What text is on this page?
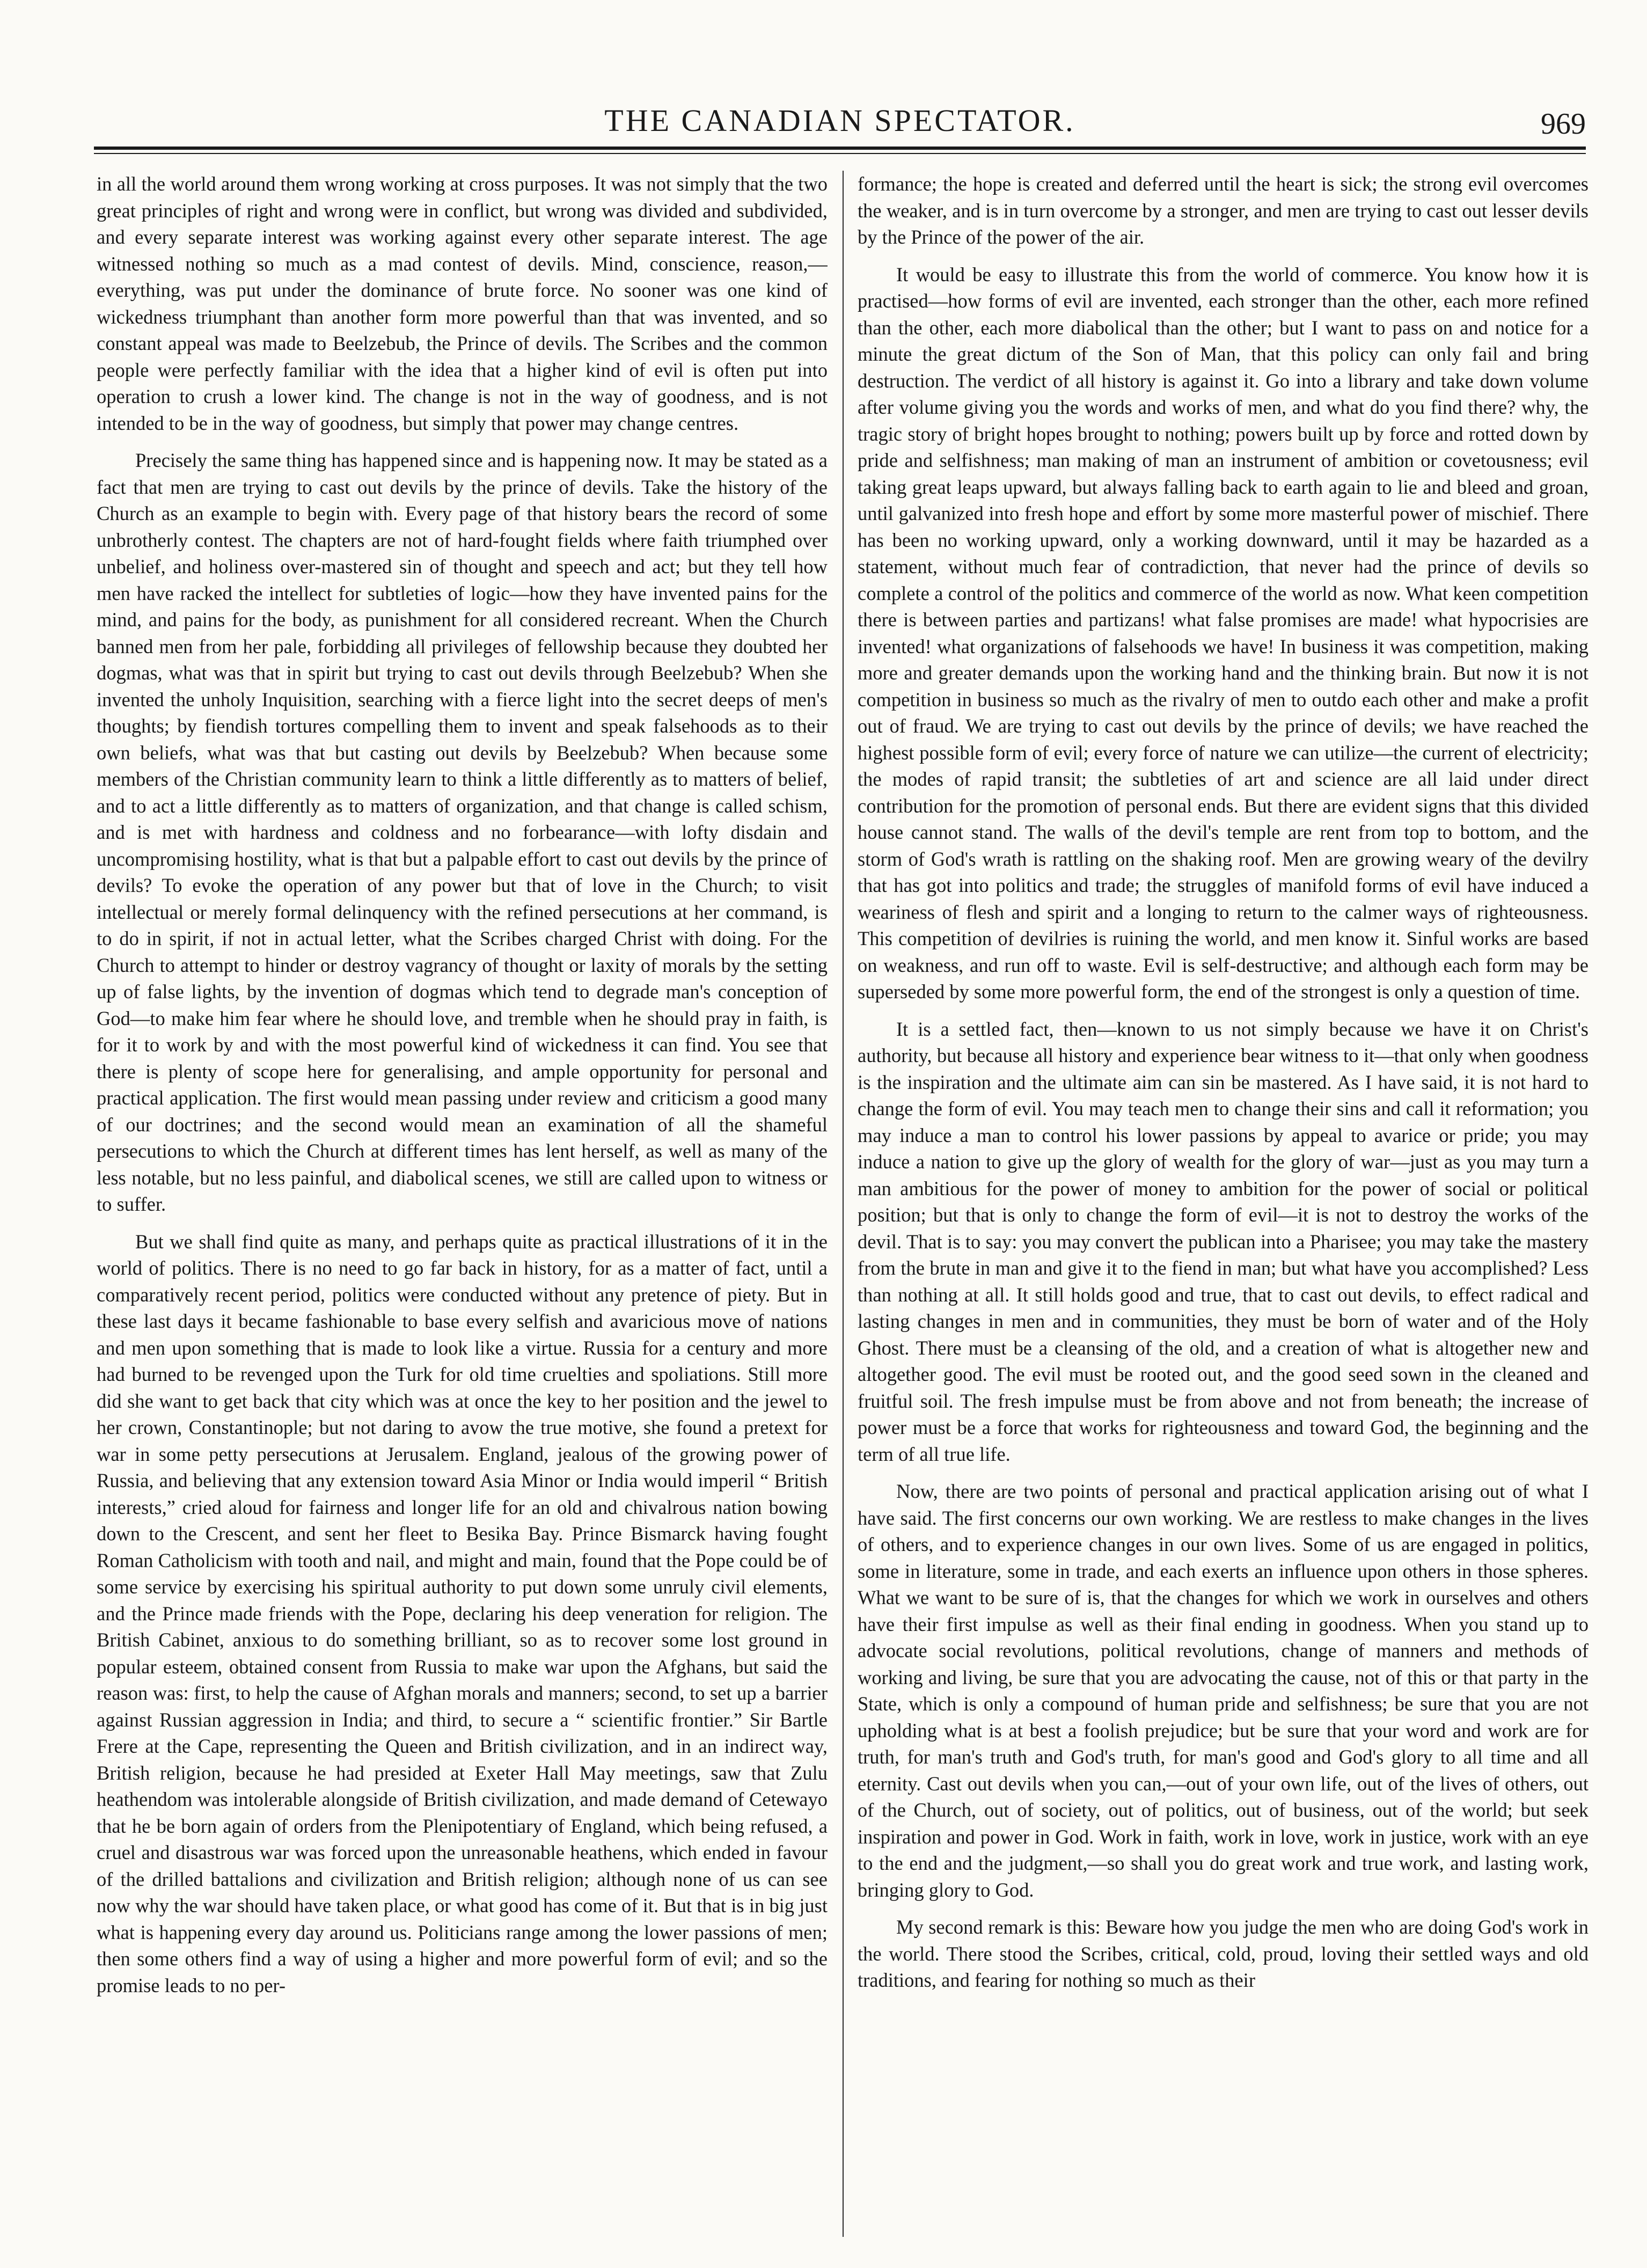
THE CANADIAN SPECTATOR.	969

in all the world around them wrong working at cross purposes. It was not simply that the two great principles of right and wrong were in conflict, but wrong was divided and subdivided, and every separate interest was working against every other separate interest. The age witnessed nothing so much as a mad contest of devils. Mind, conscience, reason,—everything, was put under the dominance of brute force. No sooner was one kind of wickedness triumphant than another form more powerful than that was invented, and so constant appeal was made to Beelzebub, the Prince of devils. The Scribes and the common people were perfectly familiar with the idea that a higher kind of evil is often put into operation to crush a lower kind. The change is not in the way of goodness, and is not intended to be in the way of goodness, but simply that power may change centres.

Precisely the same thing has happened since and is happening now. It may be stated as a fact that men are trying to cast out devils by the prince of devils. Take the history of the Church as an example to begin with. Every page of that history bears the record of some unbrotherly contest. The chapters are not of hard-fought fields where faith triumphed over unbelief, and holiness over-mastered sin of thought and speech and act; but they tell how men have racked the intellect for subtleties of logic—how they have invented pains for the mind, and pains for the body, as punishment for all considered recreant. When the Church banned men from her pale, forbidding all privileges of fellowship because they doubted her dogmas, what was that in spirit but trying to cast out devils through Beelzebub? When she invented the unholy Inquisition, searching with a fierce light into the secret deeps of men's thoughts; by fiendish tortures compelling them to invent and speak falsehoods as to their own beliefs, what was that but casting out devils by Beelzebub? When because some members of the Christian community learn to think a little differently as to matters of belief, and to act a little differently as to matters of organization, and that change is called schism, and is met with hardness and coldness and no forbearance—with lofty disdain and uncompromising hostility, what is that but a palpable effort to cast out devils by the prince of devils? To evoke the operation of any power but that of love in the Church; to visit intellectual or merely formal delinquency with the refined persecutions at her command, is to do in spirit, if not in actual letter, what the Scribes charged Christ with doing. For the Church to attempt to hinder or destroy vagrancy of thought or laxity of morals by the setting up of false lights, by the invention of dogmas which tend to degrade man's conception of God—to make him fear where he should love, and tremble when he should pray in faith, is for it to work by and with the most powerful kind of wickedness it can find. You see that there is plenty of scope here for generalising, and ample opportunity for personal and practical application. The first would mean passing under review and criticism a good many of our doctrines; and the second would mean an examination of all the shameful persecutions to which the Church at different times has lent herself, as well as many of the less notable, but no less painful, and diabolical scenes, we still are called upon to witness or to suffer.

But we shall find quite as many, and perhaps quite as practical illustrations of it in the world of politics. There is no need to go far back in history, for as a matter of fact, until a comparatively recent period, politics were conducted without any pretence of piety. But in these last days it became fashionable to base every selfish and avaricious move of nations and men upon something that is made to look like a virtue. Russia for a century and more had burned to be revenged upon the Turk for old time cruelties and spoliations. Still more did she want to get back that city which was at once the key to her position and the jewel to her crown, Constantinople; but not daring to avow the true motive, she found a pretext for war in some petty persecutions at Jerusalem. England, jealous of the growing power of Russia, and believing that any extension toward Asia Minor or India would imperil “ British interests,” cried aloud for fairness and longer life for an old and chivalrous nation bowing down to the Crescent, and sent her fleet to Besika Bay. Prince Bismarck having fought Roman Catholicism with tooth and nail, and might and main, found that the Pope could be of some service by exercising his spiritual authority to put down some unruly civil elements, and the Prince made friends with the Pope, declaring his deep veneration for religion. The British Cabinet, anxious to do something brilliant, so as to recover some lost ground in popular esteem, obtained consent from Russia to make war upon the Afghans, but said the reason was: first, to help the cause of Afghan morals and manners; second, to set up a barrier against Russian aggression in India; and third, to secure a “ scientific frontier.” Sir Bartle Frere at the Cape, representing the Queen and British civilization, and in an indirect way, British religion, because he had presided at Exeter Hall May meetings, saw that Zulu heathendom was intolerable alongside of British civilization, and made demand of Cetewayo that he be born again of orders from the Plenipotentiary of England, which being refused, a cruel and disastrous war was forced upon the unreasonable heathens, which ended in favour of the drilled battalions and civilization and British religion; although none of us can see now why the war should have taken place, or what good has come of it. But that is in big just what is happening every day around us. Politicians range among the lower passions of men; then some others find a way of using a higher and more powerful form of evil; and so the promise leads to no per-

formance; the hope is created and deferred until the heart is sick; the strong evil overcomes the weaker, and is in turn overcome by a stronger, and men are trying to cast out lesser devils by the Prince of the power of the air.

It would be easy to illustrate this from the world of commerce. You know how it is practised—how forms of evil are invented, each stronger than the other, each more refined than the other, each more diabolical than the other; but I want to pass on and notice for a minute the great dictum of the Son of Man, that this policy can only fail and bring destruction. The verdict of all history is against it. Go into a library and take down volume after volume giving you the words and works of men, and what do you find there? why, the tragic story of bright hopes brought to nothing; powers built up by force and rotted down by pride and selfishness; man making of man an instrument of ambition or covetousness; evil taking great leaps upward, but always falling back to earth again to lie and bleed and groan, until galvanized into fresh hope and effort by some more masterful power of mischief. There has been no working upward, only a working downward, until it may be hazarded as a statement, without much fear of contradiction, that never had the prince of devils so complete a control of the politics and commerce of the world as now. What keen competition there is between parties and partizans! what false promises are made! what hypocrisies are invented! what organizations of falsehoods we have! In business it was competition, making more and greater demands upon the working hand and the thinking brain. But now it is not competition in business so much as the rivalry of men to outdo each other and make a profit out of fraud. We are trying to cast out devils by the prince of devils; we have reached the highest possible form of evil; every force of nature we can utilize—the current of electricity; the modes of rapid transit; the subtleties of art and science are all laid under direct contribution for the promotion of personal ends. But there are evident signs that this divided house cannot stand. The walls of the devil's temple are rent from top to bottom, and the storm of God's wrath is rattling on the shaking roof. Men are growing weary of the devilry that has got into politics and trade; the struggles of manifold forms of evil have induced a weariness of flesh and spirit and a longing to return to the calmer ways of righteousness. This competition of devilries is ruining the world, and men know it. Sinful works are based on weakness, and run off to waste. Evil is self-destructive; and although each form may be superseded by some more powerful form, the end of the strongest is only a question of time.

It is a settled fact, then—known to us not simply because we have it on Christ's authority, but because all history and experience bear witness to it—that only when goodness is the inspiration and the ultimate aim can sin be mastered. As I have said, it is not hard to change the form of evil. You may teach men to change their sins and call it reformation; you may induce a man to control his lower passions by appeal to avarice or pride; you may induce a nation to give up the glory of wealth for the glory of war—just as you may turn a man ambitious for the power of money to ambition for the power of social or political position; but that is only to change the form of evil—it is not to destroy the works of the devil. That is to say: you may convert the publican into a Pharisee; you may take the mastery from the brute in man and give it to the fiend in man; but what have you accomplished? Less than nothing at all. It still holds good and true, that to cast out devils, to effect radical and lasting changes in men and in communities, they must be born of water and of the Holy Ghost. There must be a cleansing of the old, and a creation of what is altogether new and altogether good. The evil must be rooted out, and the good seed sown in the cleaned and fruitful soil. The fresh impulse must be from above and not from beneath; the increase of power must be a force that works for righteousness and toward God, the beginning and the term of all true life.

Now, there are two points of personal and practical application arising out of what I have said. The first concerns our own working. We are restless to make changes in the lives of others, and to experience changes in our own lives. Some of us are engaged in politics, some in literature, some in trade, and each exerts an influence upon others in those spheres. What we want to be sure of is, that the changes for which we work in ourselves and others have their first impulse as well as their final ending in goodness. When you stand up to advocate social revolutions, political revolutions, change of manners and methods of working and living, be sure that you are advocating the cause, not of this or that party in the State, which is only a compound of human pride and selfishness; be sure that you are not upholding what is at best a foolish prejudice; but be sure that your word and work are for truth, for man's truth and God's truth, for man's good and God's glory to all time and all eternity. Cast out devils when you can,—out of your own life, out of the lives of others, out of the Church, out of society, out of politics, out of business, out of the world; but seek inspiration and power in God. Work in faith, work in love, work in justice, work with an eye to the end and the judgment,—so shall you do great work and true work, and lasting work, bringing glory to God.

My second remark is this: Beware how you judge the men who are doing God's work in the world. There stood the Scribes, critical, cold, proud, loving their settled ways and old traditions, and fearing for nothing so much as their
